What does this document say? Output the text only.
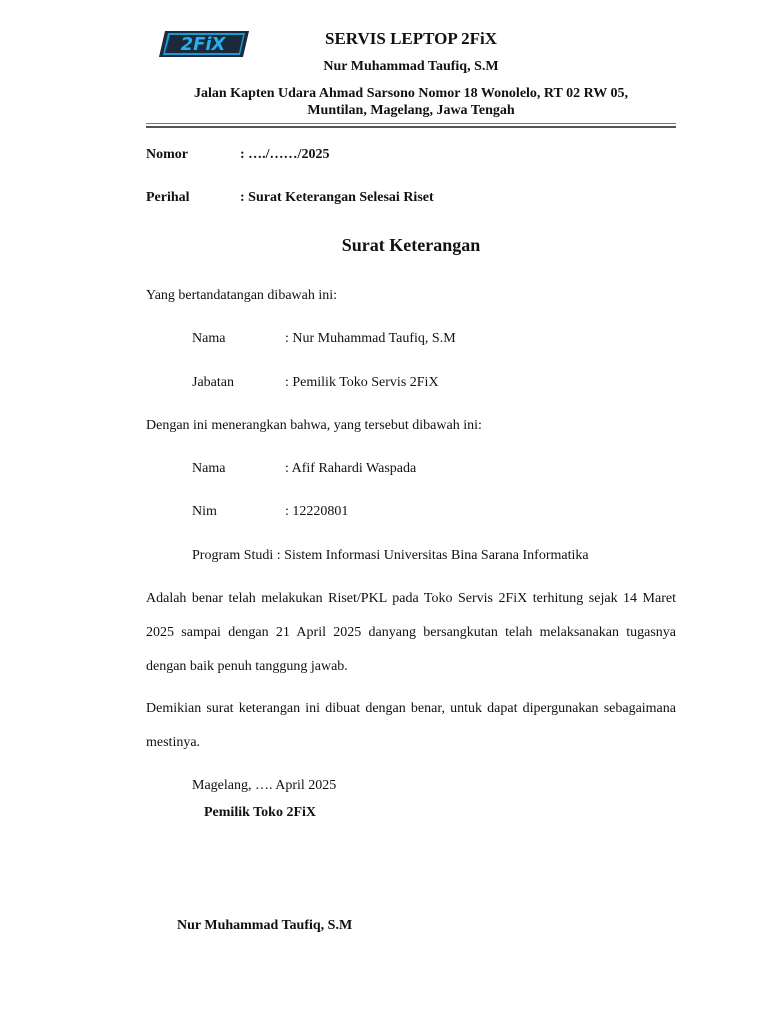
2FiX	SERVIS LEPTOP 2FiX
Nur Muhammad Taufiq, S.M
Jalan Kapten Udara Ahmad Sarsono Nomor 18 Wonolelo, RT 02 RW 05,
Muntilan, Magelang, Jawa Tengah
Nomor	: …./……/2025
Perihal	: Surat Keterangan Selesai Riset
Surat Keterangan
Yang bertandatangan dibawah ini:
Nama	: Nur Muhammad Taufiq, S.M
Jabatan	: Pemilik Toko Servis 2FiX
Dengan ini menerangkan bahwa, yang tersebut dibawah ini:
Nama	: Afif Rahardi Waspada
Nim	: 12220801
Program Studi : Sistem Informasi Universitas Bina Sarana Informatika
Adalah benar telah melakukan Riset/PKL pada Toko Servis 2FiX terhitung sejak 14 Maret 2025 sampai dengan 21 April 2025 danyang bersangkutan telah melaksanakan tugasnya dengan baik penuh tanggung jawab.
Demikian surat keterangan ini dibuat dengan benar, untuk dapat dipergunakan sebagaimana mestinya.
Magelang, …. April 2025
Pemilik Toko 2FiX
Nur Muhammad Taufiq, S.M
